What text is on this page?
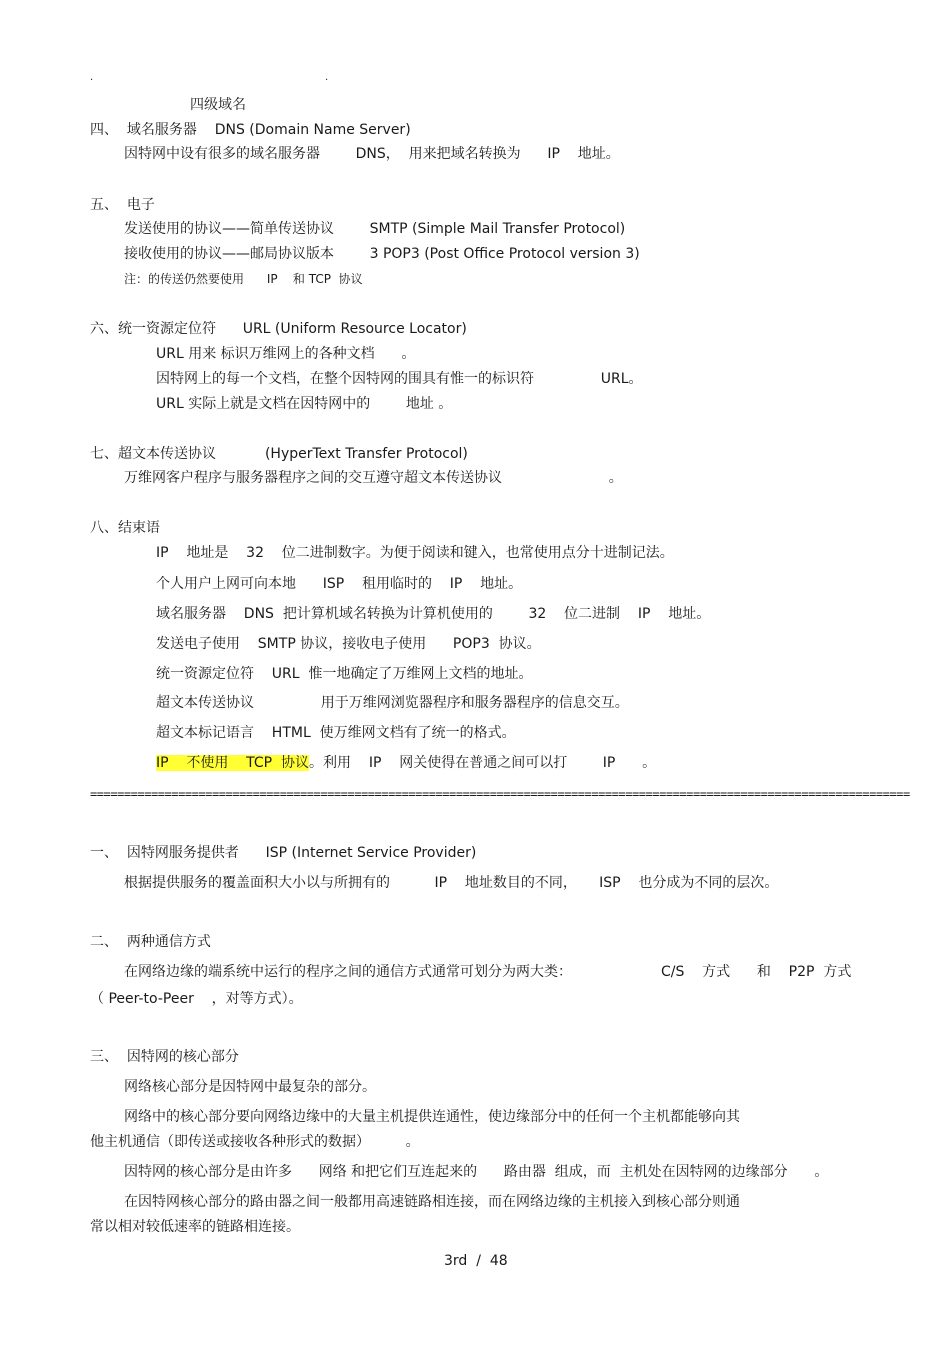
.	.
四级域名
四、  域名服务器    DNS (Domain Name Server)
因特网中设有很多的域名服务器        DNS，  用来把域名转换为      IP    地址。
五、  电子
发送使用的协议——简单传送协议        SMTP (Simple Mail Transfer Protocol)
接收使用的协议——邮局协议版本        3 POP3 (Post Office Protocol version 3)
注：的传送仍然要使用      IP    和 TCP  协议
六、统一资源定位符      URL (Uniform Resource Locator)
URL 用来 标识万维网上的各种文档      。
因特网上的每一个文档，在整个因特网的围具有惟一的标识符               URL。
URL 实际上就是文档在因特网中的        地址 。
七、超文本传送协议           (HyperText Transfer Protocol)
万维网客户程序与服务器程序之间的交互遵守超文本传送协议                        。
八、结束语
IP    地址是    32    位二进制数字。为便于阅读和键入，也常使用点分十进制记法。
个人用户上网可向本地      ISP    租用临时的    IP    地址。
域名服务器    DNS  把计算机域名转换为计算机使用的        32    位二进制    IP    地址。
发送电子使用    SMTP 协议，接收电子使用      POP3  协议。
统一资源定位符    URL  惟一地确定了万维网上文档的地址。
超文本传送协议               用于万维网浏览器程序和服务器程序的信息交互。
超文本标记语言    HTML  使万维网文档有了统一的格式。
IP    不使用    TCP  协议。利用    IP    网关使得在普通之间可以打        IP      。
=========================================================================================================================
一、  因特网服务提供者      ISP (Internet Service Provider)
根据提供服务的覆盖面积大小以与所拥有的          IP    地址数目的不同，     ISP    也分成为不同的层次。
二、  两种通信方式
在网络边缘的端系统中运行的程序之间的通信方式通常可划分为两大类：                    C/S    方式      和    P2P  方式
（ Peer-to-Peer    ，对等方式）。
三、  因特网的核心部分
网络核心部分是因特网中最复杂的部分。
网络中的核心部分要向网络边缘中的大量主机提供连通性，使边缘部分中的任何一个主机都能够向其
他主机通信（即传送或接收各种形式的数据）        。
因特网的核心部分是由许多      网络 和把它们互连起来的      路由器  组成，而  主机处在因特网的边缘部分      。
在因特网核心部分的路由器之间一般都用高速链路相连接，而在网络边缘的主机接入到核心部分则通
常以相对较低速率的链路相连接。
3rd  /  48
